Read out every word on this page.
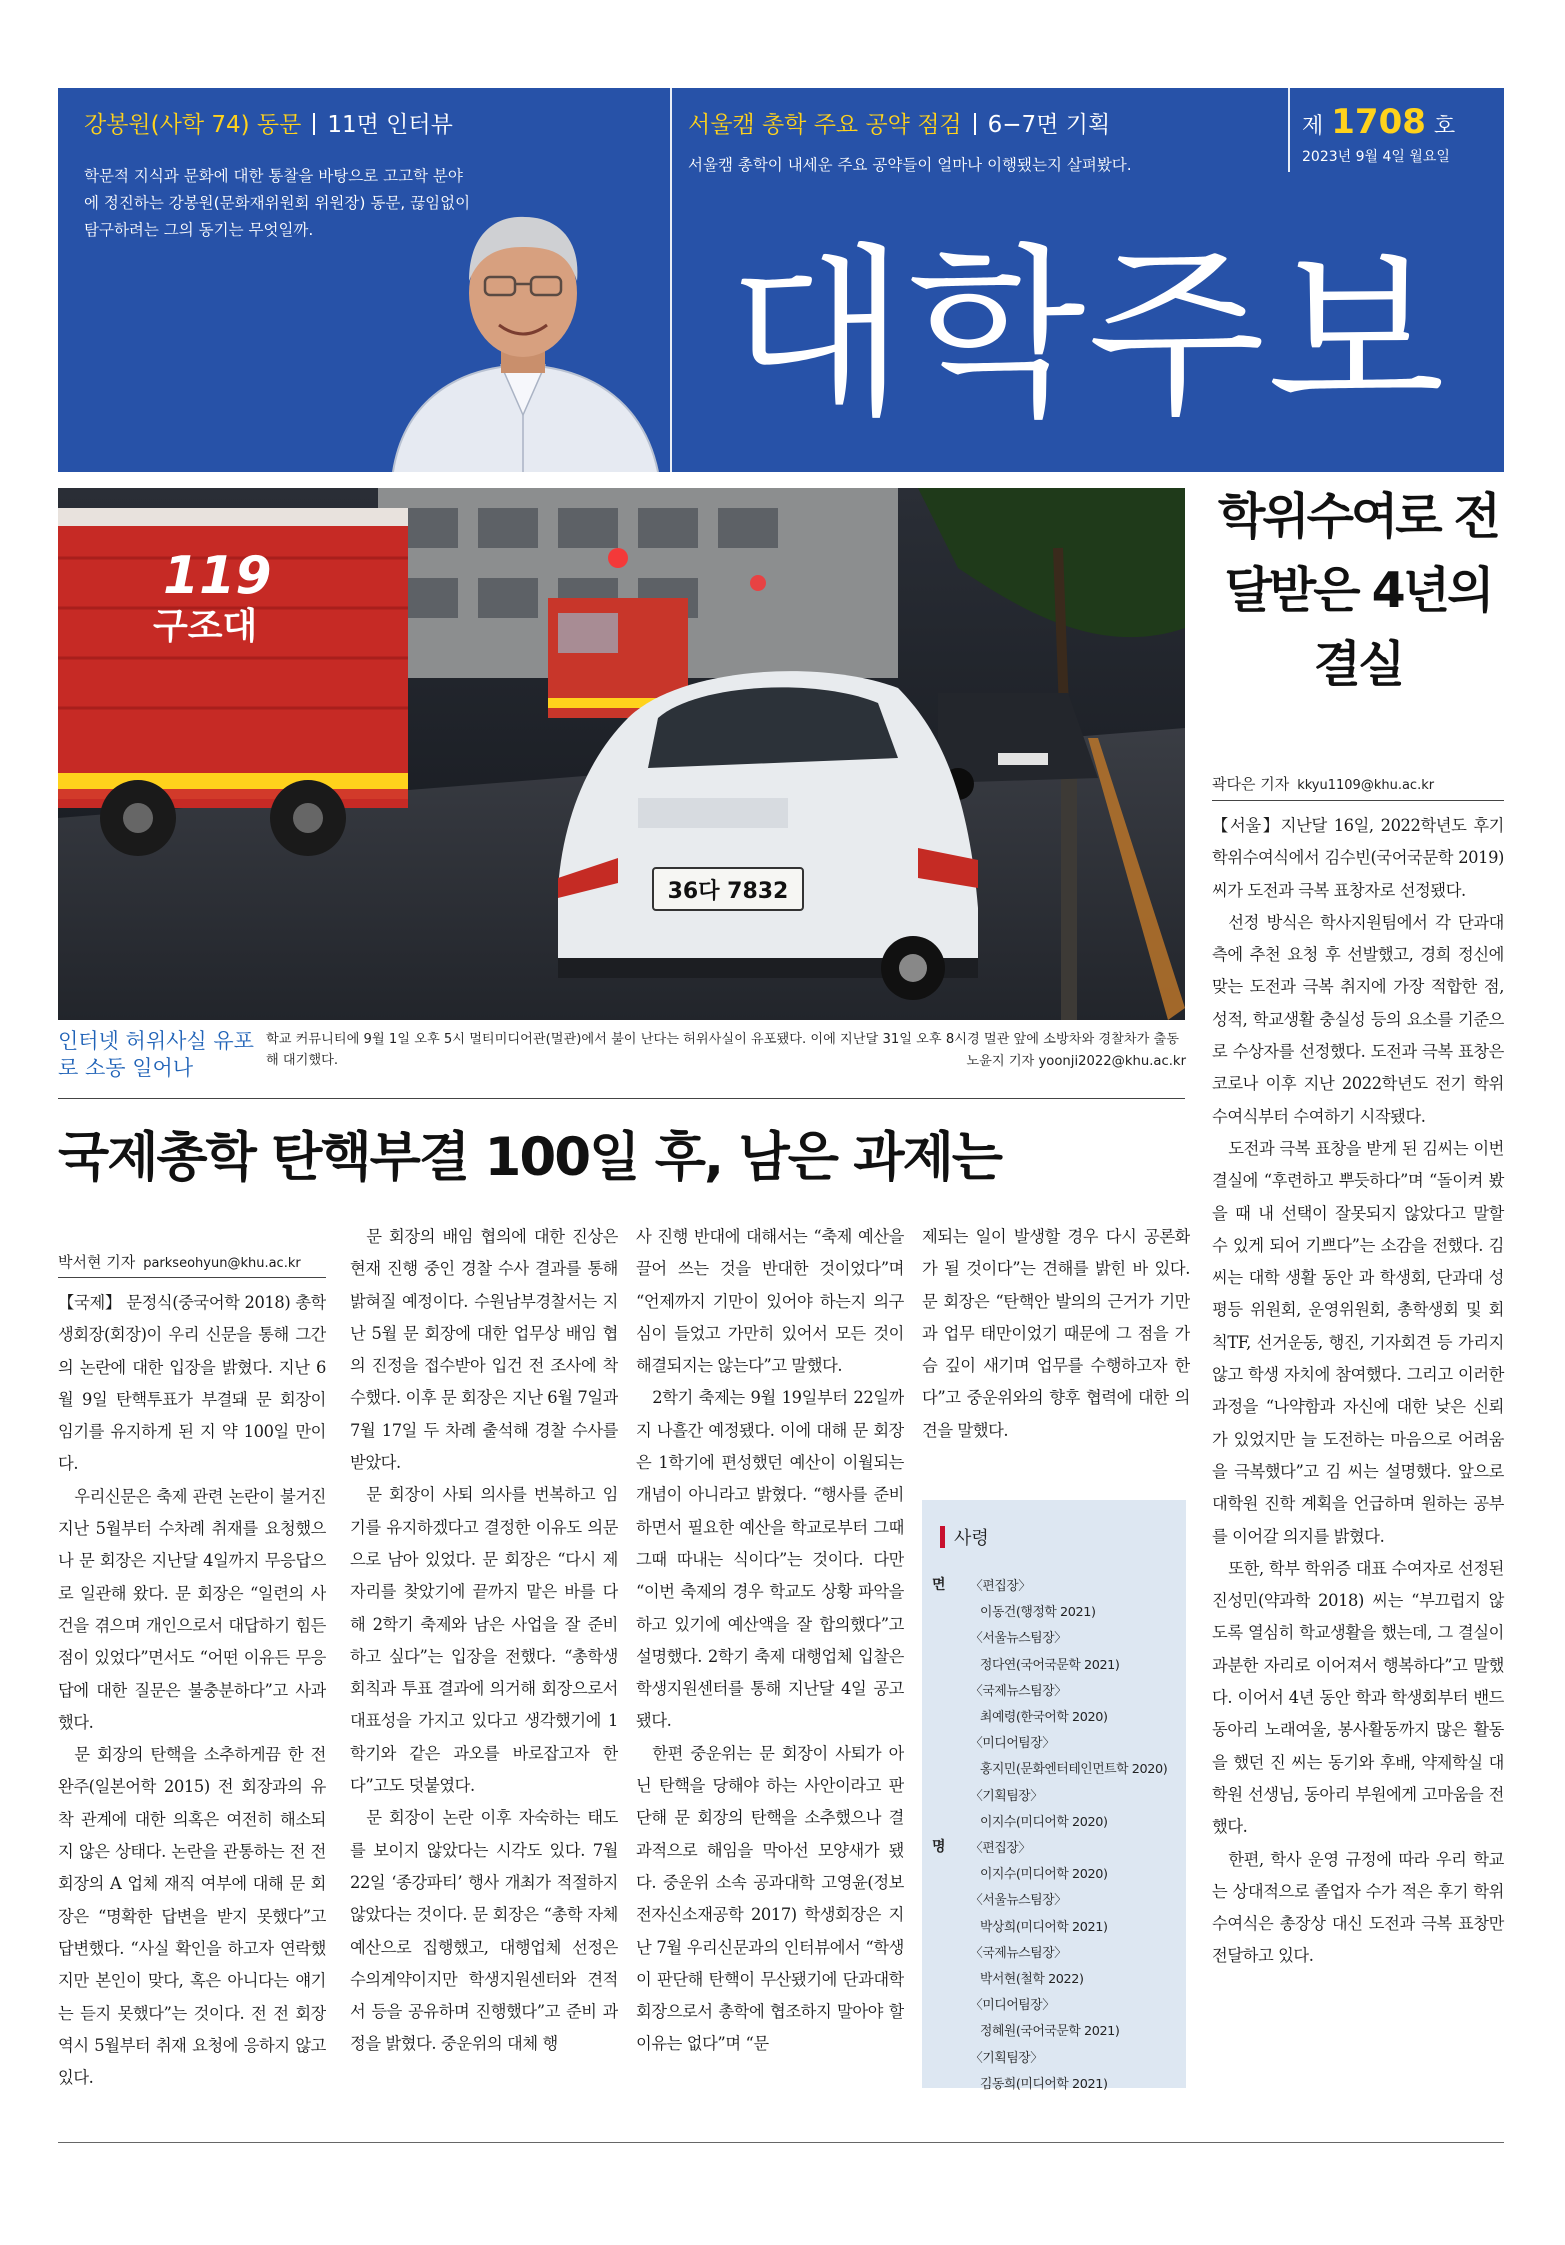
강봉원(사학 74) 동문 11면 인터뷰
학문적 지식과 문화에 대한 통찰을 바탕으로 고고학 분야에 정진하는 강봉원(문화재위원회 위원장) 동문, 끊임없이 탐구하려는 그의 동기는 무엇일까.
서울캠 총학 주요 공약 점검 6−7면 기획
서울캠 총학이 내세운 주요 공약들이 얼마나 이행됐는지 살펴봤다.
제 1708 호
2023년 9월 4일 월요일
대학주보
119
구조대
36다 7832
인터넷 허위사실 유포로 소동 일어나
학교 커뮤니티에 9월 1일 오후 5시 멀티미디어관(멀관)에서 불이 난다는 허위사실이 유포됐다. 이에 지난달 31일 오후 8시경 멀관 앞에 소방차와 경찰차가 출동해 대기했다.	노윤지 기자 yoonji2022@khu.ac.kr
학위수여로 전달받은 4년의 결실
곽다은 기자 kkyu1109@khu.ac.kr

【서울】지난달 16일, 2022학년도 후기 학위수여식에서 김수빈(국어국문학 2019) 씨가 도전과 극복 표창자로 선정됐다.

선정 방식은 학사지원팀에서 각 단과대 측에 추천 요청 후 선발했고, 경희 정신에 맞는 도전과 극복 취지에 가장 적합한 점, 성적, 학교생활 충실성 등의 요소를 기준으로 수상자를 선정했다. 도전과 극복 표창은 코로나 이후 지난 2022학년도 전기 학위수여식부터 수여하기 시작됐다.

도전과 극복 표창을 받게 된 김씨는 이번 결실에 “후련하고 뿌듯하다”며 “돌이켜 봤을 때 내 선택이 잘못되지 않았다고 말할 수 있게 되어 기쁘다”는 소감을 전했다. 김 씨는 대학 생활 동안 과 학생회, 단과대 성평등 위원회, 운영위원회, 총학생회 및 회칙TF, 선거운동, 행진, 기자회견 등 가리지 않고 학생 자치에 참여했다. 그리고 이러한 과정을 “나약함과 자신에 대한 낮은 신뢰가 있었지만 늘 도전하는 마음으로 어려움을 극복했다”고 김 씨는 설명했다. 앞으로 대학원 진학 계획을 언급하며 원하는 공부를 이어갈 의지를 밝혔다.

또한, 학부 학위증 대표 수여자로 선정된 진성민(약과학 2018) 씨는 “부끄럽지 않도록 열심히 학교생활을 했는데, 그 결실이 과분한 자리로 이어져서 행복하다”고 말했다. 이어서 4년 동안 학과 학생회부터 밴드 동아리 노래여울, 봉사활동까지 많은 활동을 했던 진 씨는 동기와 후배, 약제학실 대학원 선생님, 동아리 부원에게 고마움을 전했다.

한편, 학사 운영 규정에 따라 우리 학교는 상대적으로 졸업자 수가 적은 후기 학위수여식은 총장상 대신 도전과 극복 표창만 전달하고 있다.

국제총학 탄핵부결 100일 후, 남은 과제는
박서현 기자 parkseohyun@khu.ac.kr

【국제】 문정식(중국어학 2018) 총학생회장(회장)이 우리 신문을 통해 그간의 논란에 대한 입장을 밝혔다. 지난 6월 9일 탄핵투표가 부결돼 문 회장이 임기를 유지하게 된 지 약 100일 만이다.

우리신문은 축제 관련 논란이 불거진 지난 5월부터 수차례 취재를 요청했으나 문 회장은 지난달 4일까지 무응답으로 일관해 왔다. 문 회장은 “일련의 사건을 겪으며 개인으로서 대답하기 힘든 점이 있었다”면서도 “어떤 이유든 무응답에 대한 질문은 불충분하다”고 사과했다.

문 회장의 탄핵을 소추하게끔 한 전완주(일본어학 2015) 전 회장과의 유착 관계에 대한 의혹은 여전히 해소되지 않은 상태다. 논란을 관통하는 전 전 회장의 A 업체 재직 여부에 대해 문 회장은 “명확한 답변을 받지 못했다”고 답변했다. “사실 확인을 하고자 연락했지만 본인이 맞다, 혹은 아니다는 얘기는 듣지 못했다”는 것이다. 전 전 회장 역시 5월부터 취재 요청에 응하지 않고 있다.

문 회장의 배임 협의에 대한 진상은 현재 진행 중인 경찰 수사 결과를 통해 밝혀질 예정이다. 수원남부경찰서는 지난 5월 문 회장에 대한 업무상 배임 협의 진정을 접수받아 입건 전 조사에 착수했다. 이후 문 회장은 지난 6월 7일과 7월 17일 두 차례 출석해 경찰 수사를 받았다.

문 회장이 사퇴 의사를 번복하고 임기를 유지하겠다고 결정한 이유도 의문으로 남아 있었다. 문 회장은 “다시 제 자리를 찾았기에 끝까지 맡은 바를 다해 2학기 축제와 남은 사업을 잘 준비하고 싶다”는 입장을 전했다. “총학생회칙과 투표 결과에 의거해 회장으로서 대표성을 가지고 있다고 생각했기에 1학기와 같은 과오를 바로잡고자 한다”고도 덧붙였다.

문 회장이 논란 이후 자숙하는 태도를 보이지 않았다는 시각도 있다. 7월 22일 ‘종강파티’ 행사 개최가 적절하지 않았다는 것이다. 문 회장은 “총학 자체 예산으로 집행했고, 대행업체 선정은 수의계약이지만 학생지원센터와 견적서 등을 공유하며 진행했다”고 준비 과정을 밝혔다. 중운위의 대체 행

사 진행 반대에 대해서는 “축제 예산을 끌어 쓰는 것을 반대한 것이었다”며 “언제까지 기만이 있어야 하는지 의구심이 들었고 가만히 있어서 모든 것이 해결되지는 않는다”고 말했다.

2학기 축제는 9월 19일부터 22일까지 나흘간 예정됐다. 이에 대해 문 회장은 1학기에 편성했던 예산이 이월되는 개념이 아니라고 밝혔다. “행사를 준비하면서 필요한 예산을 학교로부터 그때그때 따내는 식이다”는 것이다. 다만 “이번 축제의 경우 학교도 상황 파악을 하고 있기에 예산액을 잘 합의했다”고 설명했다. 2학기 축제 대행업체 입찰은 학생지원센터를 통해 지난달 4일 공고됐다.

한편 중운위는 문 회장이 사퇴가 아닌 탄핵을 당해야 하는 사안이라고 판단해 문 회장의 탄핵을 소추했으나 결과적으로 해임을 막아선 모양새가 됐다. 중운위 소속 공과대학 고영윤(정보전자신소재공학 2017) 학생회장은 지난 7월 우리신문과의 인터뷰에서 “학생이 판단해 탄핵이 무산됐기에 단과대학 회장으로서 총학에 협조하지 말아야 할 이유는 없다”며 “문

제되는 일이 발생할 경우 다시 공론화가 될 것이다”는 견해를 밝힌 바 있다. 문 회장은 “탄핵안 발의의 근거가 기만과 업무 태만이었기 때문에 그 점을 가슴 깊이 새기며 업무를 수행하고자 한다”고 중운위와의 향후 협력에 대한 의견을 말했다.

사령
면 〈편집장〉
이동건(행정학 2021)
〈서울뉴스팀장〉
정다연(국어국문학 2021)
〈국제뉴스팀장〉
최예령(한국어학 2020)
〈미디어팀장〉
홍지민(문화엔터테인먼트학 2020)
〈기획팀장〉
이지수(미디어학 2020)
명 〈편집장〉
이지수(미디어학 2020)
〈서울뉴스팀장〉
박상희(미디어학 2021)
〈국제뉴스팀장〉
박서현(철학 2022)
〈미디어팀장〉
정혜원(국어국문학 2021)
〈기획팀장〉
김동희(미디어학 2021)
